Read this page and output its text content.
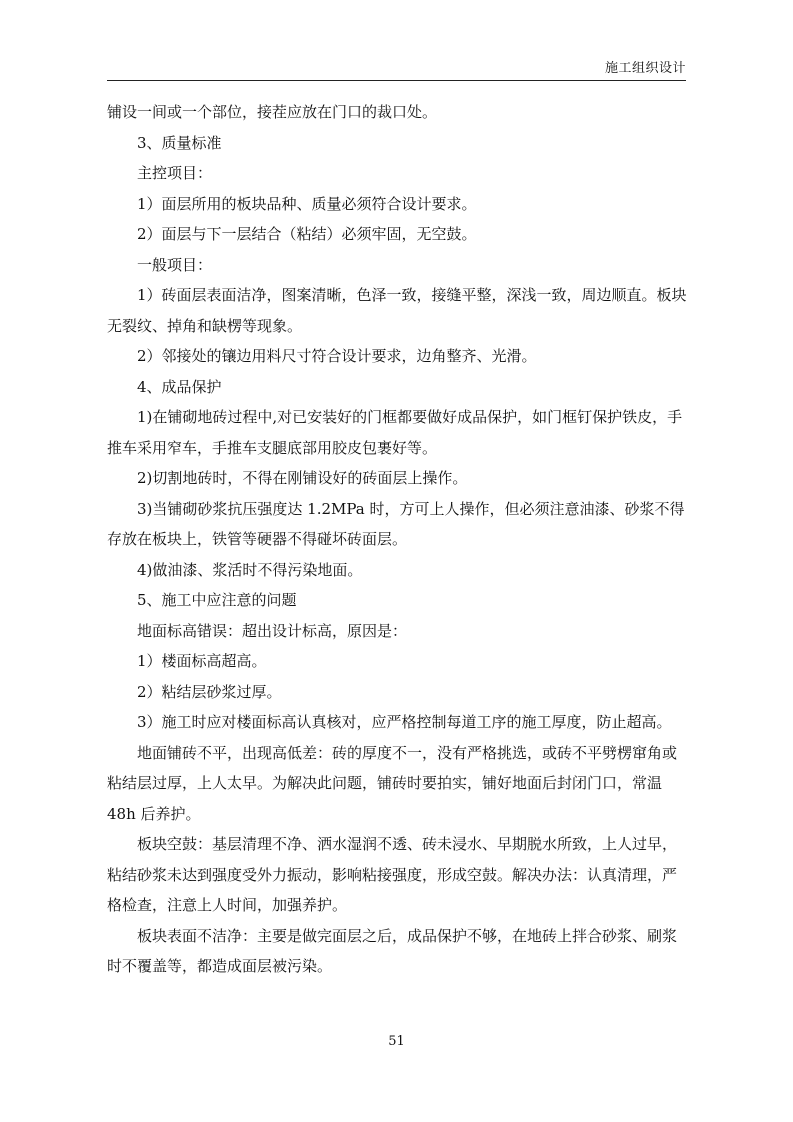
施工组织设计

铺设一间或一个部位，接茬应放在门口的裁口处。

3、质量标准

主控项目：

1）面层所用的板块品种、质量必须符合设计要求。

2）面层与下一层结合（粘结）必须牢固，无空鼓。

一般项目：

1）砖面层表面洁净，图案清晰，色泽一致，接缝平整，深浅一致，周边顺直。板块无裂纹、掉角和缺楞等现象。

2）邻接处的镶边用料尺寸符合设计要求，边角整齐、光滑。

4、成品保护

1)在铺砌地砖过程中,对已安装好的门框都要做好成品保护，如门框钉保护铁皮，手推车采用窄车，手推车支腿底部用胶皮包裹好等。

2)切割地砖时，不得在刚铺设好的砖面层上操作。

3)当铺砌砂浆抗压强度达 1.2MPa 时，方可上人操作，但必须注意油漆、砂浆不得存放在板块上，铁管等硬器不得碰坏砖面层。

4)做油漆、浆活时不得污染地面。

5、施工中应注意的问题

地面标高错误：超出设计标高，原因是：

1）楼面标高超高。

2）粘结层砂浆过厚。

3）施工时应对楼面标高认真核对，应严格控制每道工序的施工厚度，防止超高。

地面铺砖不平，出现高低差：砖的厚度不一，没有严格挑选，或砖不平劈楞窜角或粘结层过厚，上人太早。为解决此问题，铺砖时要拍实，铺好地面后封闭门口，常温 48h 后养护。

板块空鼓：基层清理不净、洒水湿润不透、砖未浸水、早期脱水所致，上人过早，粘结砂浆未达到强度受外力振动，影响粘接强度，形成空鼓。解决办法：认真清理，严格检查，注意上人时间，加强养护。

板块表面不洁净：主要是做完面层之后，成品保护不够，在地砖上拌合砂浆、刷浆时不覆盖等，都造成面层被污染。

51
